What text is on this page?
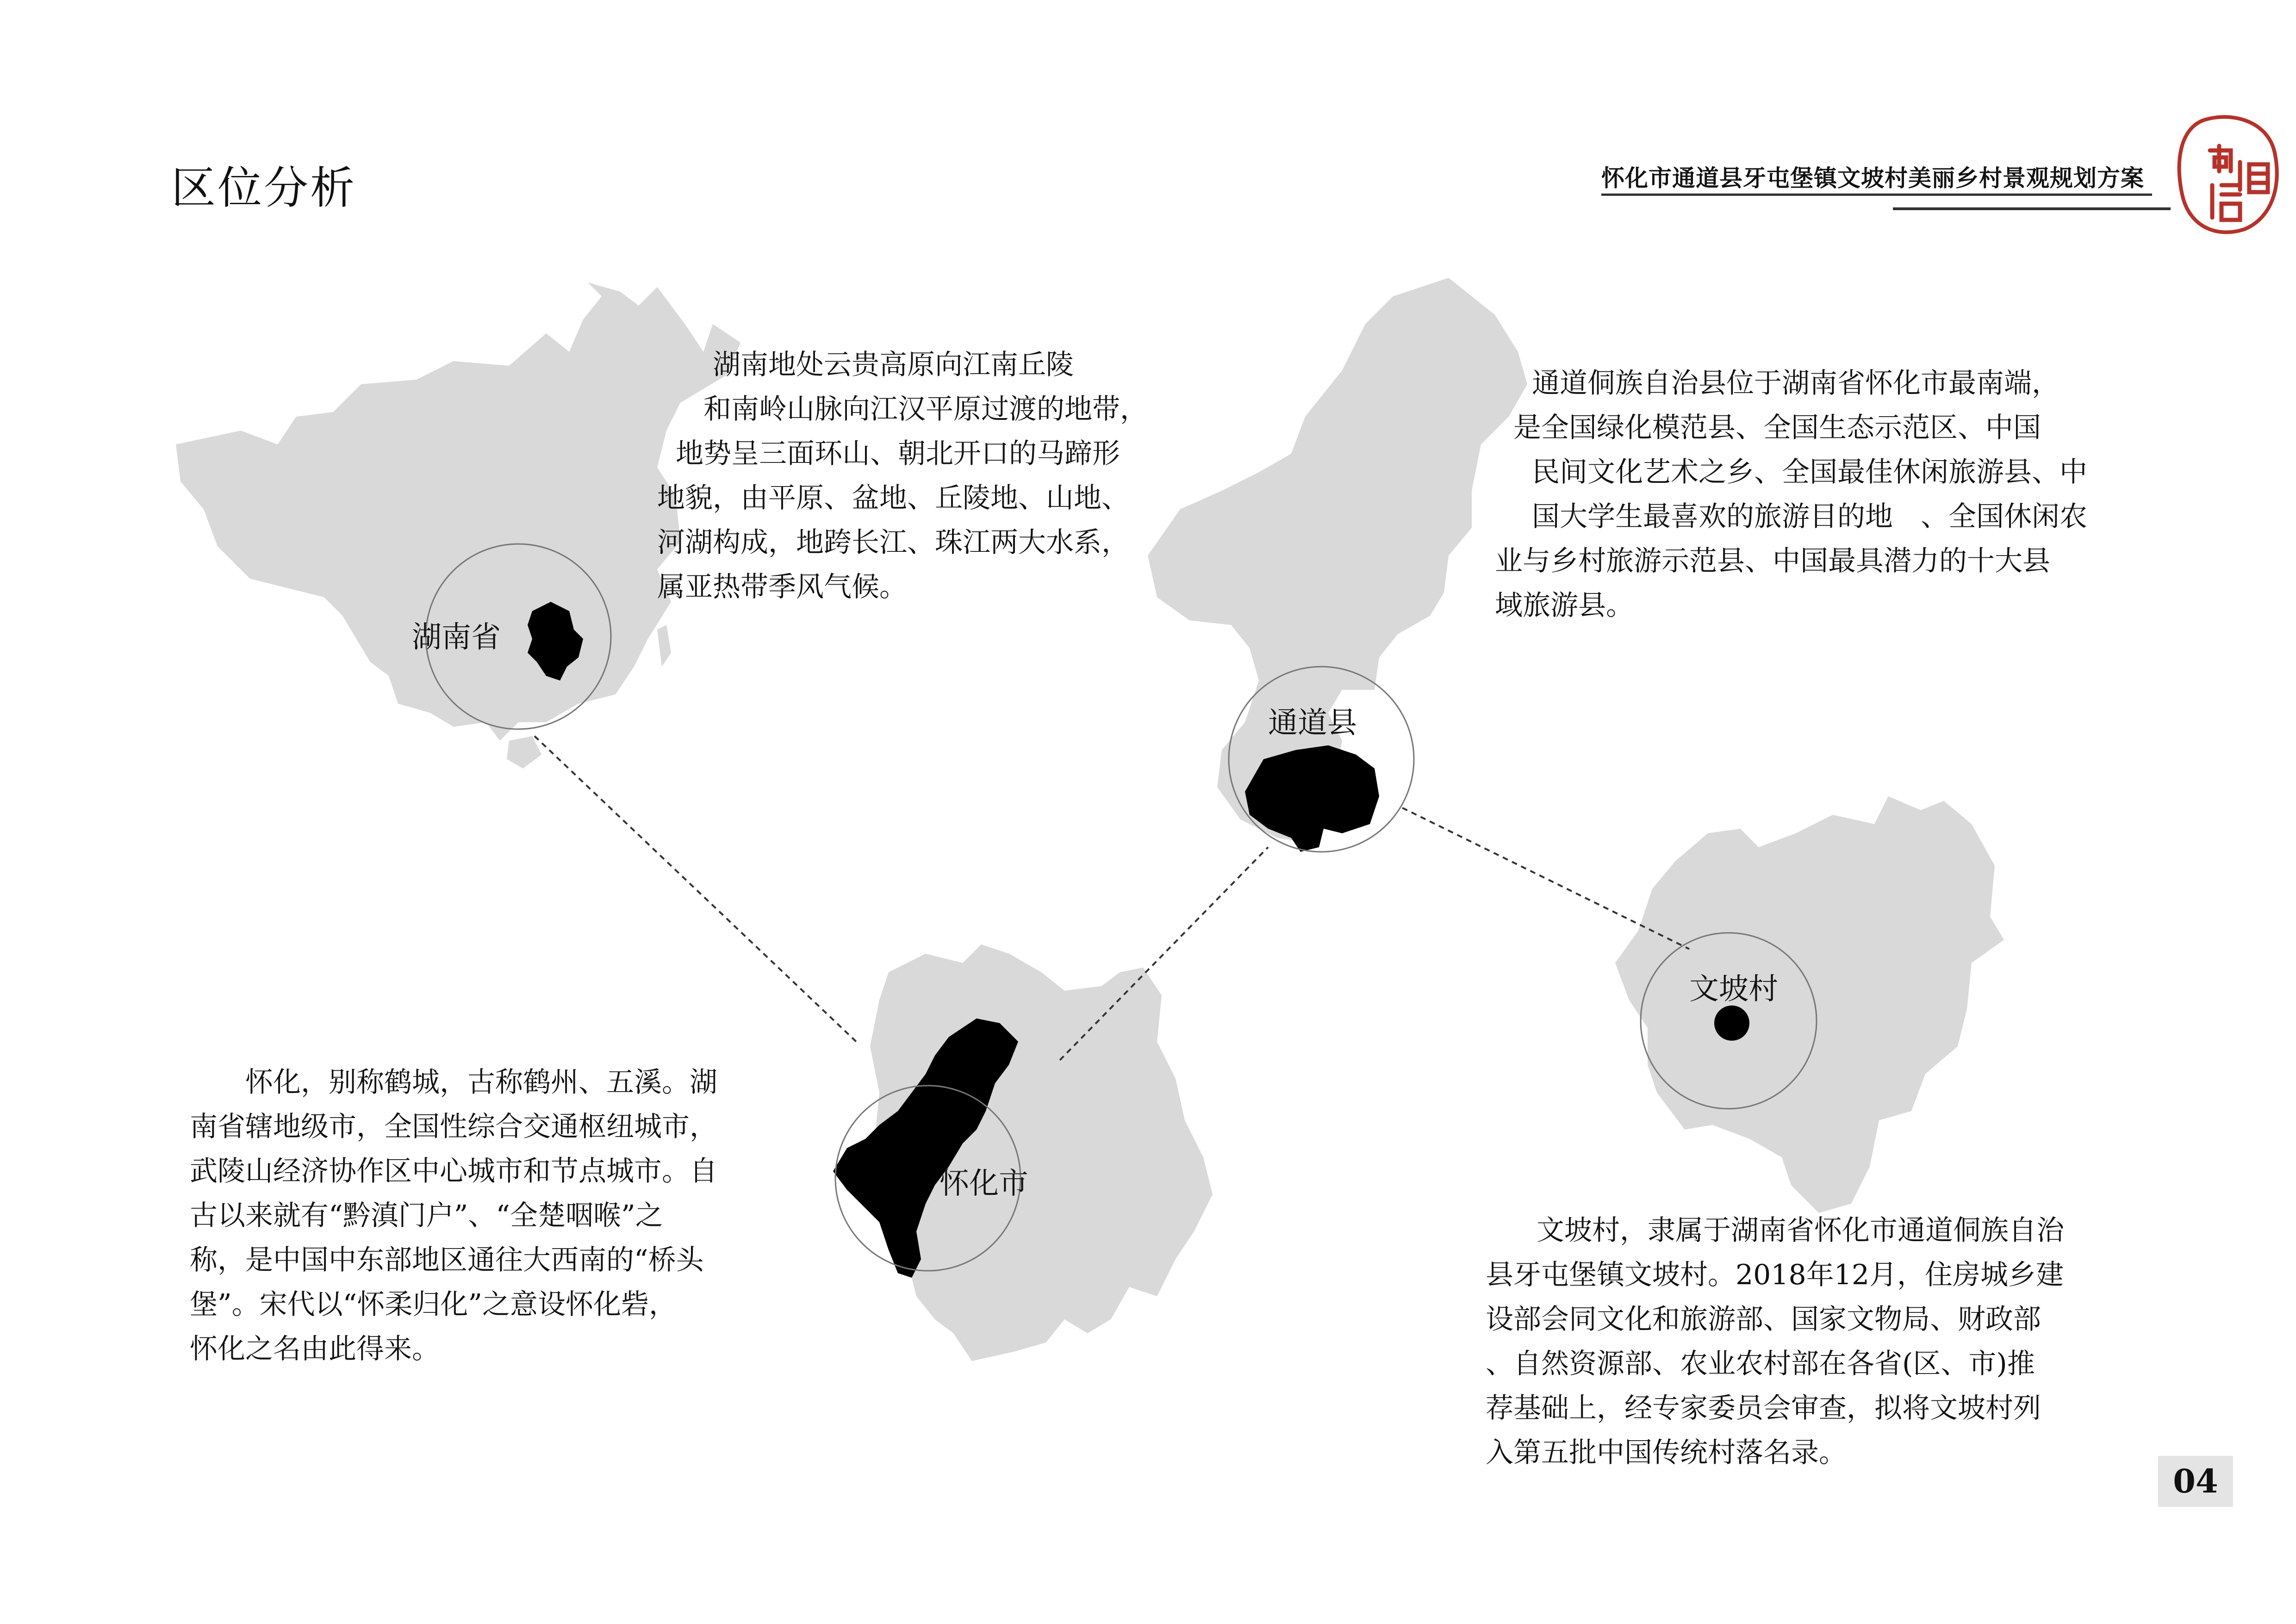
区位分析	怀化市通道县牙屯堡镇文坡村美丽乡村景观规划方案
湖南省
通道县
怀化市
文坡村
湖南地处云贵高原向江南丘陵
和南岭山脉向江汉平原过渡的地带，
地势呈三面环山、朝北开口的马蹄形
地貌，由平原、盆地、丘陵地、山地、
河湖构成，地跨长江、珠江两大水系，
属亚热带季风气候。
通道侗族自治县位于湖南省怀化市最南端，
是全国绿化模范县、全国生态示范区、中国
民间文化艺术之乡、全国最佳休闲旅游县、中
国大学生最喜欢的旅游目的地　、全国休闲农
业与乡村旅游示范县、中国最具潜力的十大县
域旅游县。
怀化，别称鹤城，古称鹤州、五溪。湖
南省辖地级市，全国性综合交通枢纽城市，
武陵山经济协作区中心城市和节点城市。自
古以来就有“黔滇门户”、“全楚咽喉”之
称，是中国中东部地区通往大西南的“桥头
堡”。宋代以“怀柔归化”之意设怀化砦，
怀化之名由此得来。
文坡村，隶属于湖南省怀化市通道侗族自治
县牙屯堡镇文坡村。2018年12月，住房城乡建
设部会同文化和旅游部、国家文物局、财政部
、自然资源部、农业农村部在各省(区、市)推
荐基础上，经专家委员会审查，拟将文坡村列
入第五批中国传统村落名录。
04
